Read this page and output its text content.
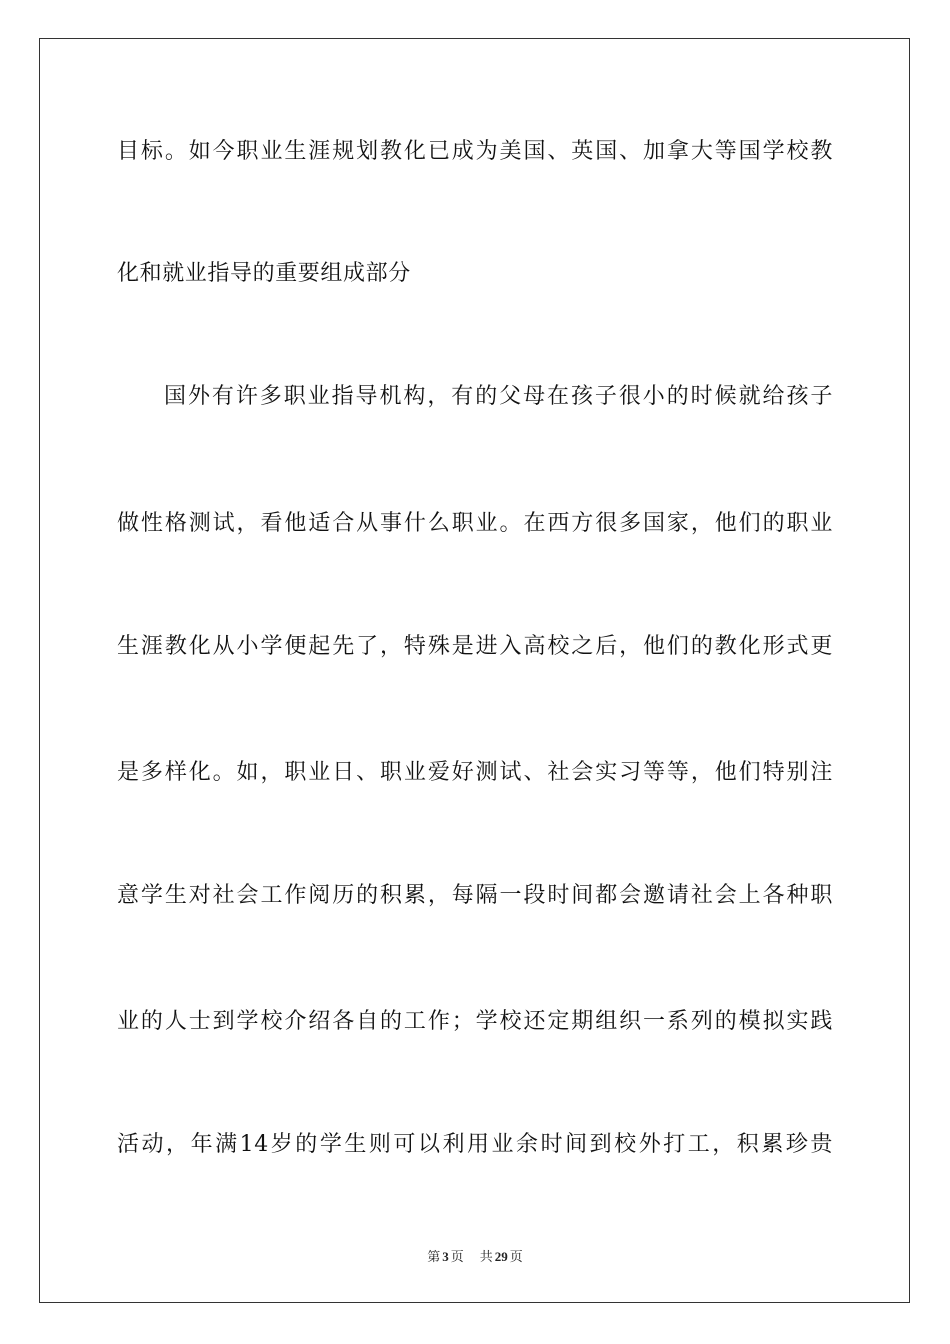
目标。如今职业生涯规划教化已成为美国、英国、加拿大等国学校教
化和就业指导的重要组成部分
国外有许多职业指导机构，有的父母在孩子很小的时候就给孩子
做性格测试，看他适合从事什么职业。在西方很多国家，他们的职业
生涯教化从小学便起先了，特殊是进入高校之后，他们的教化形式更
是多样化。如，职业日、职业爱好测试、社会实习等等，他们特别注
意学生对社会工作阅历的积累，每隔一段时间都会邀请社会上各种职
业的人士到学校介绍各自的工作；学校还定期组织一系列的模拟实践
活动，年满14岁的学生则可以利用业余时间到校外打工，积累珍贵
第 3 页 共 29 页
